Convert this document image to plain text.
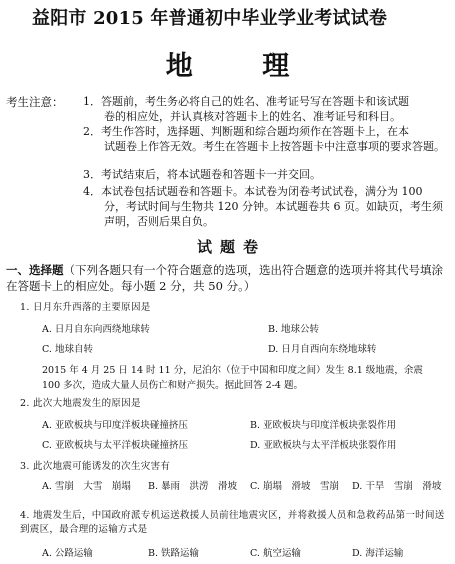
益阳市 2015 年普通初中毕业学业考试试卷
地 理
考生注意： 1．答题前，考生务必将自己的姓名、准考证号写在答题卡和该试题

卷的相应处，并认真核对答题卡上的姓名、准考证号和科目。

2．考生作答时，选择题、判断题和综合题均须作在答题卡上，在本

试题卷上作答无效。考生在答题卡上按答题卡中注意事项的要求答题。

3．考试结束后，将本试题卷和答题卡一并交回。

4．本试卷包括试题卷和答题卡。本试卷为闭卷考试试卷，满分为 100

分，考试时间与生物共 120 分钟。本试题卷共 6 页。如缺页，考生须声明，否则后果自负。

试题卷
一、选择题（下列各题只有一个符合题意的选项，选出符合题意的选项并将其代号填涂在答题卡上的相应处。每小题 2 分，共 50 分。）
1. 日月东升西落的主要原因是
A. 日月自东向西绕地球转	B. 地球公转
C. 地球自转	D. 日月自西向东绕地球转
2015 年 4 月 25 日 14 时 11 分，尼泊尔（位于中国和印度之间）发生 8.1 级地震，余震 100 多次，造成大量人员伤亡和财产损失。据此回答 2-4 题。
2. 此次大地震发生的原因是
A. 亚欧板块与印度洋板块碰撞挤压	B. 亚欧板块与印度洋板块张裂作用
C. 亚欧板块与太平洋板块碰撞挤压	D. 亚欧板块与太平洋板块张裂作用
3. 此次地震可能诱发的次生灾害有
A. 雪崩　大雪　崩塌 B. 暴雨　洪涝　滑坡 C. 崩塌　滑坡　雪崩 D. 干旱　雪崩　滑坡
4. 地震发生后，中国政府派专机运送救援人员前往地震灾区，并将救援人员和急救药品第一时间送到震区，最合理的运输方式是
A. 公路运输	B. 铁路运输	C. 航空运输	D. 海洋运输
